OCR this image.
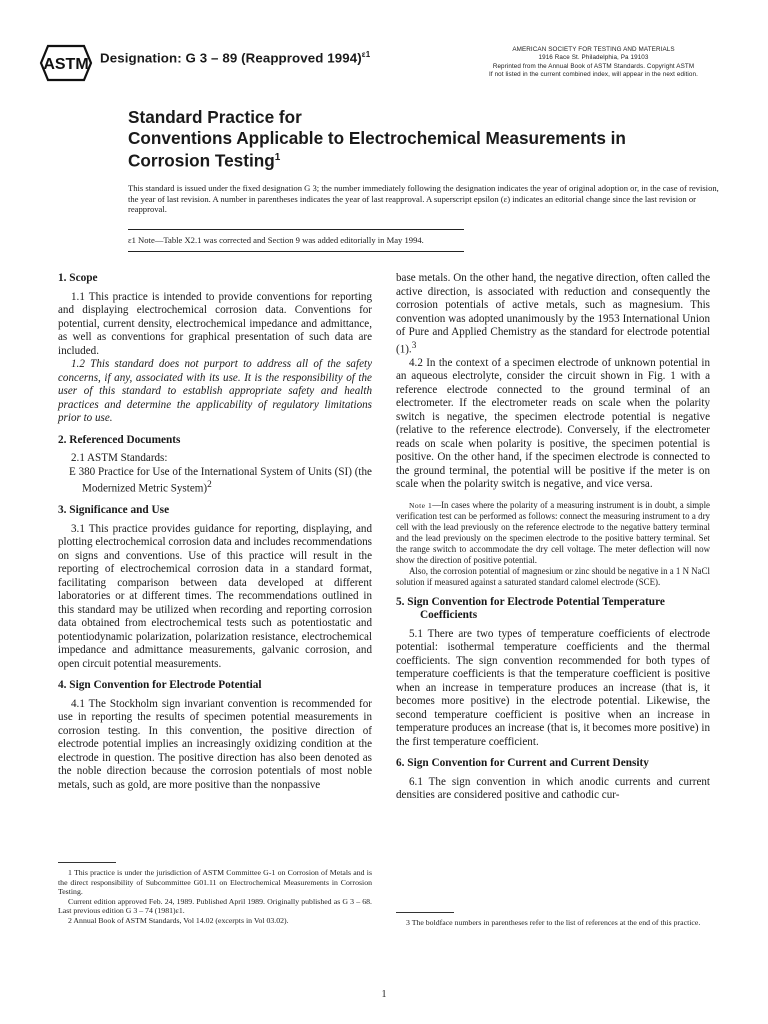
ASTM Designation: G 3 – 89 (Reapproved 1994)$^{\varepsilon 1}$
AMERICAN SOCIETY FOR TESTING AND MATERIALS
1916 Race St. Philadelphia, Pa 19103
Reprinted from the Annual Book of ASTM Standards. Copyright ASTM
If not listed in the current combined index, will appear in the next edition.
Standard Practice for
Conventions Applicable to Electrochemical Measurements in
Corrosion Testing$^1$
This standard is issued under the fixed designation G 3; the number immediately following the designation indicates the year of original adoption or, in the case of revision, the year of last revision. A number in parentheses indicates the year of last reapproval. A superscript epsilon (ε) indicates an editorial change since the last revision or reapproval.
ε1 Note—Table X2.1 was corrected and Section 9 was added editorially in May 1994.
1. Scope

1.1 This practice is intended to provide conventions for reporting and displaying electrochemical corrosion data. Conventions for potential, current density, electrochemical impedance and admittance, as well as conventions for graphical presentation of such data are included.

1.2 This standard does not purport to address all of the safety concerns, if any, associated with its use. It is the responsibility of the user of this standard to establish appropriate safety and health practices and determine the applicability of regulatory limitations prior to use.

2. Referenced Documents

2.1 ASTM Standards:

E 380 Practice for Use of the International System of Units (SI) (the Modernized Metric System)$^2$

3. Significance and Use

3.1 This practice provides guidance for reporting, displaying, and plotting electrochemical corrosion data and includes recommendations on signs and conventions. Use of this practice will result in the reporting of electrochemical corrosion data in a standard format, facilitating comparison between data developed at different laboratories or at different times. The recommendations outlined in this standard may be utilized when recording and reporting corrosion data obtained from electrochemical tests such as potentiostatic and potentiodynamic polarization, polarization resistance, electrochemical impedance and admittance measurements, galvanic corrosion, and open circuit potential measurements.

4. Sign Convention for Electrode Potential

4.1 The Stockholm sign invariant convention is recommended for use in reporting the results of specimen potential measurements in corrosion testing. In this convention, the positive direction of electrode potential implies an increasingly oxidizing condition at the electrode in question. The positive direction has also been denoted as the noble direction because the corrosion potentials of most noble metals, such as gold, are more positive than the nonpassive

1 This practice is under the jurisdiction of ASTM Committee G-1 on Corrosion of Metals and is the direct responsibility of Subcommittee G01.11 on Electrochemical Measurements in Corrosion Testing.

Current edition approved Feb. 24, 1989. Published April 1989. Originally published as G 3 – 68. Last previous edition G 3 – 74 (1981)ε1.

2 Annual Book of ASTM Standards, Vol 14.02 (excerpts in Vol 03.02).

base metals. On the other hand, the negative direction, often called the active direction, is associated with reduction and consequently the corrosion potentials of active metals, such as magnesium. This convention was adopted unanimously by the 1953 International Union of Pure and Applied Chemistry as the standard for electrode potential (1).$^3$

4.2 In the context of a specimen electrode of unknown potential in an aqueous electrolyte, consider the circuit shown in Fig. 1 with a reference electrode connected to the ground terminal of an electrometer. If the electrometer reads on scale when the polarity switch is negative, the specimen electrode potential is negative (relative to the reference electrode). Conversely, if the electrometer reads on scale when polarity is positive, the specimen potential is positive. On the other hand, if the specimen electrode is connected to the ground terminal, the potential will be positive if the meter is on scale when the polarity switch is negative, and vice versa.

Note 1—In cases where the polarity of a measuring instrument is in doubt, a simple verification test can be performed as follows: connect the measuring instrument to a dry cell with the lead previously on the reference electrode to the negative battery terminal and the lead previously on the specimen electrode to the positive battery terminal. Set the range switch to accommodate the dry cell voltage. The meter deflection will now show the direction of positive potential.

Also, the corrosion potential of magnesium or zinc should be negative in a 1 N NaCl solution if measured against a saturated standard calomel electrode (SCE).

5. Sign Convention for Electrode Potential Temperature Coefficients

5.1 There are two types of temperature coefficients of electrode potential: isothermal temperature coefficients and the thermal coefficients. The sign convention recommended for both types of temperature coefficients is that the temperature coefficient is positive when an increase in temperature produces an increase (that is, it becomes more positive) in the electrode potential. Likewise, the second temperature coefficient is positive when an increase in temperature produces an increase (that is, it becomes more positive) in the first temperature coefficient.

6. Sign Convention for Current and Current Density

6.1 The sign convention in which anodic currents and current densities are considered positive and cathodic cur-

3 The boldface numbers in parentheses refer to the list of references at the end of this practice.

1
